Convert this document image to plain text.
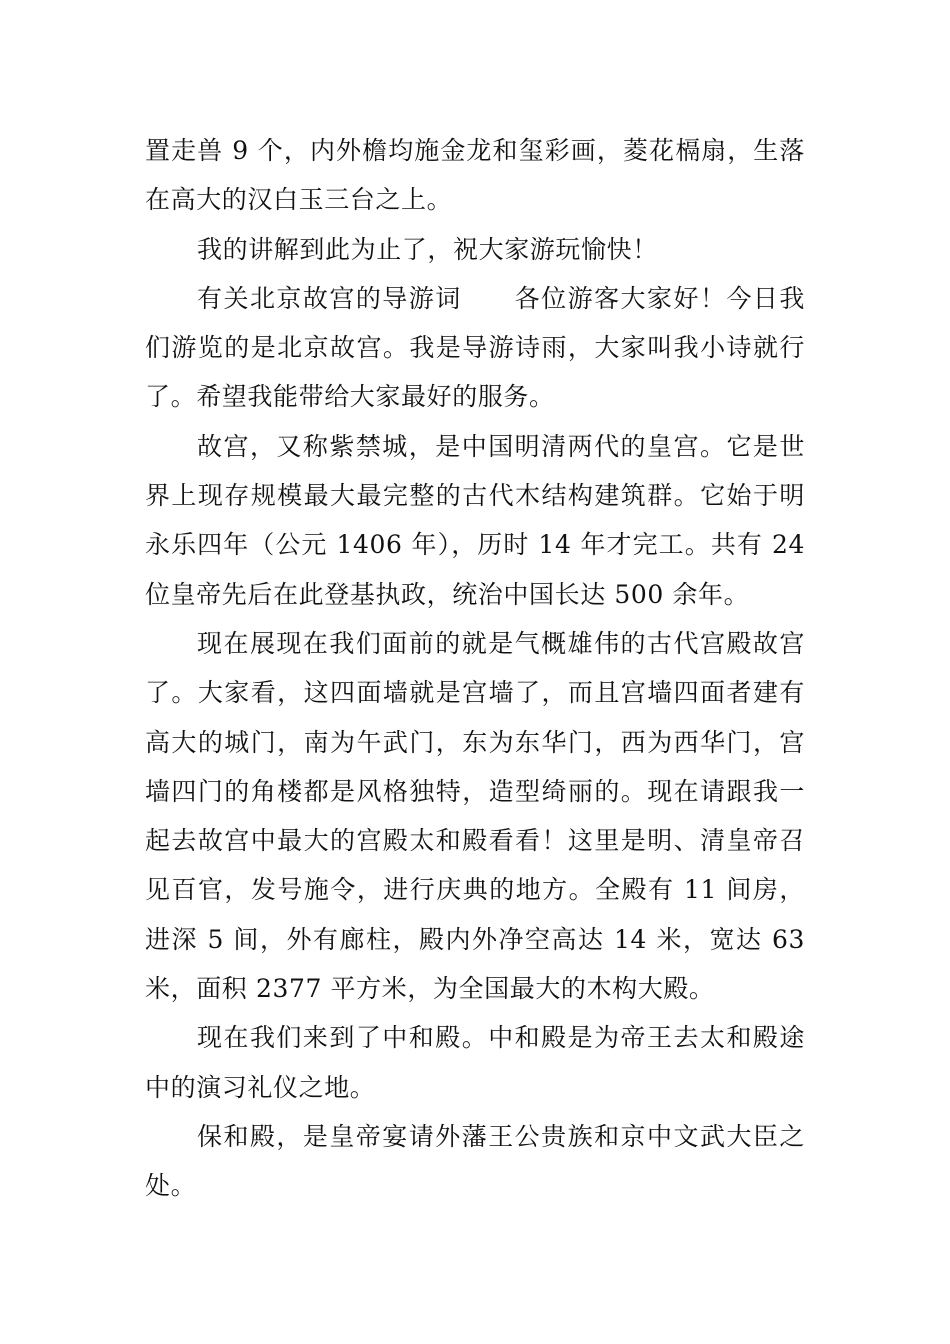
置走兽 9 个，内外檐均施金龙和玺彩画，菱花槅扇，生落在高大的汉白玉三台之上。

我的讲解到此为止了，祝大家游玩愉快！

有关北京故宫的导游词　　各位游客大家好！今日我们游览的是北京故宫。我是导游诗雨，大家叫我小诗就行了。希望我能带给大家最好的服务。

故宫，又称紫禁城，是中国明清两代的皇宫。它是世界上现存规模最大最完整的古代木结构建筑群。它始于明永乐四年（公元 1406 年），历时 14 年才完工。共有 24 位皇帝先后在此登基执政，统治中国长达 500 余年。

现在展现在我们面前的就是气概雄伟的古代宫殿故宫了。大家看，这四面墙就是宫墙了，而且宫墙四面者建有高大的城门，南为午武门，东为东华门，西为西华门，宫墙四门的角楼都是风格独特，造型绮丽的。现在请跟我一起去故宫中最大的宫殿太和殿看看！这里是明、清皇帝召见百官，发号施令，进行庆典的地方。全殿有 11 间房，进深 5 间，外有廊柱，殿内外净空高达 14 米，宽达 63 米，面积 2377 平方米，为全国最大的木构大殿。

现在我们来到了中和殿。中和殿是为帝王去太和殿途中的演习礼仪之地。

保和殿，是皇帝宴请外藩王公贵族和京中文武大臣之处。
